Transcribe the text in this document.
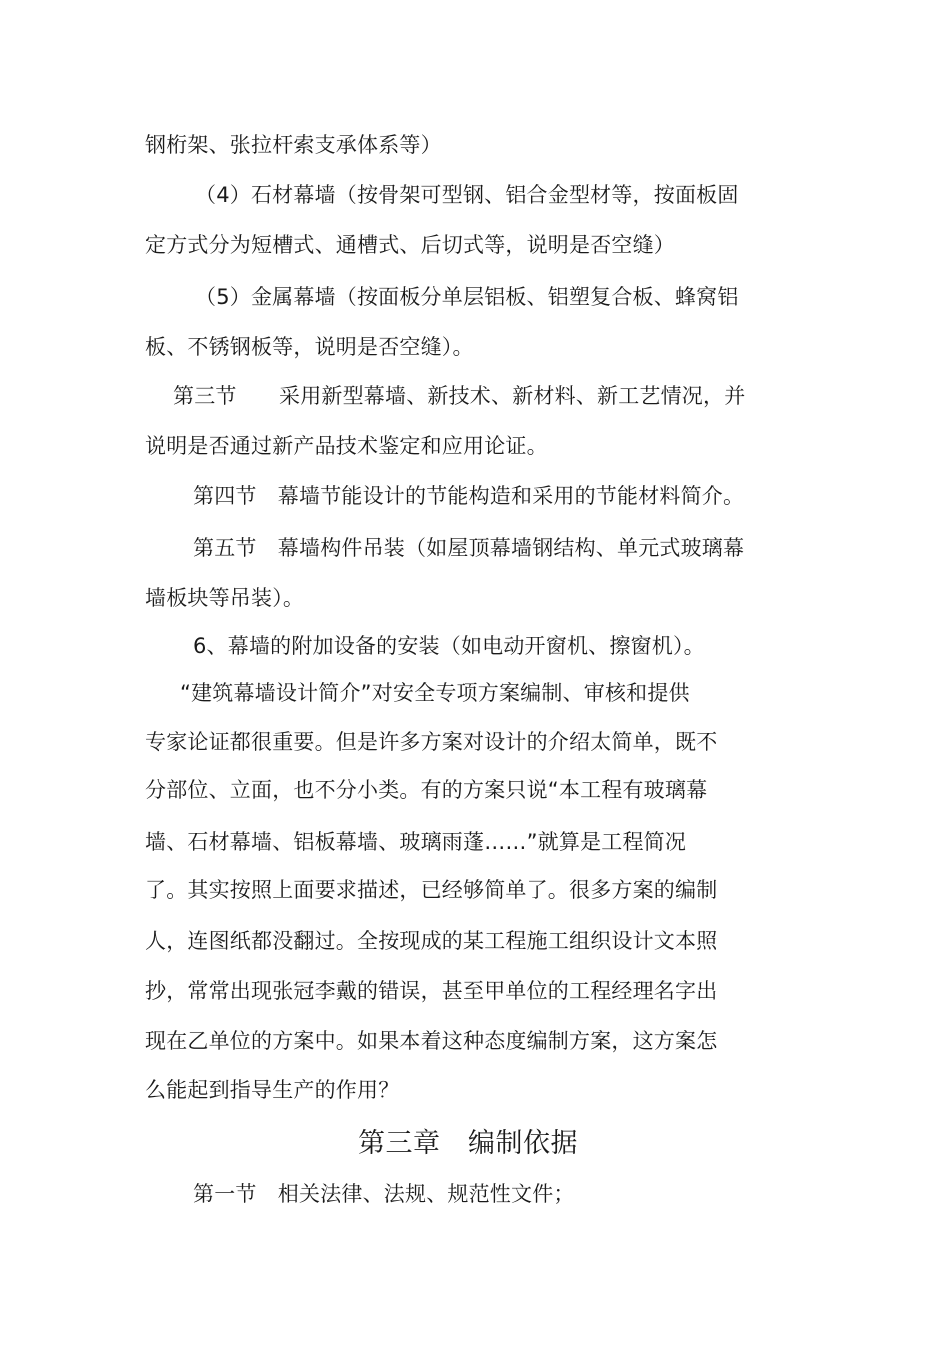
钢桁架、张拉杆索支承体系等）
（4）石材幕墙（按骨架可型钢、铝合金型材等，按面板固
定方式分为短槽式、通槽式、后切式等，说明是否空缝）
（5）金属幕墙（按面板分单层铝板、铝塑复合板、蜂窝铝
板、不锈钢板等，说明是否空缝）。
第三节　　采用新型幕墙、新技术、新材料、新工艺情况，并
说明是否通过新产品技术鉴定和应用论证。
第四节　幕墙节能设计的节能构造和采用的节能材料简介。
第五节　幕墙构件吊装（如屋顶幕墙钢结构、单元式玻璃幕
墙板块等吊装）。
6、幕墙的附加设备的安装（如电动开窗机、擦窗机）。
“建筑幕墙设计简介”对安全专项方案编制、审核和提供
专家论证都很重要。但是许多方案对设计的介绍太简单，既不
分部位、立面，也不分小类。有的方案只说“本工程有玻璃幕
墙、石材幕墙、铝板幕墙、玻璃雨蓬……”就算是工程简况
了。其实按照上面要求描述，已经够简单了。很多方案的编制
人，连图纸都没翻过。全按现成的某工程施工组织设计文本照
抄，常常出现张冠李戴的错误，甚至甲单位的工程经理名字出
现在乙单位的方案中。如果本着这种态度编制方案，这方案怎
么能起到指导生产的作用？
第三章　编制依据
第一节　相关法律、法规、规范性文件；
